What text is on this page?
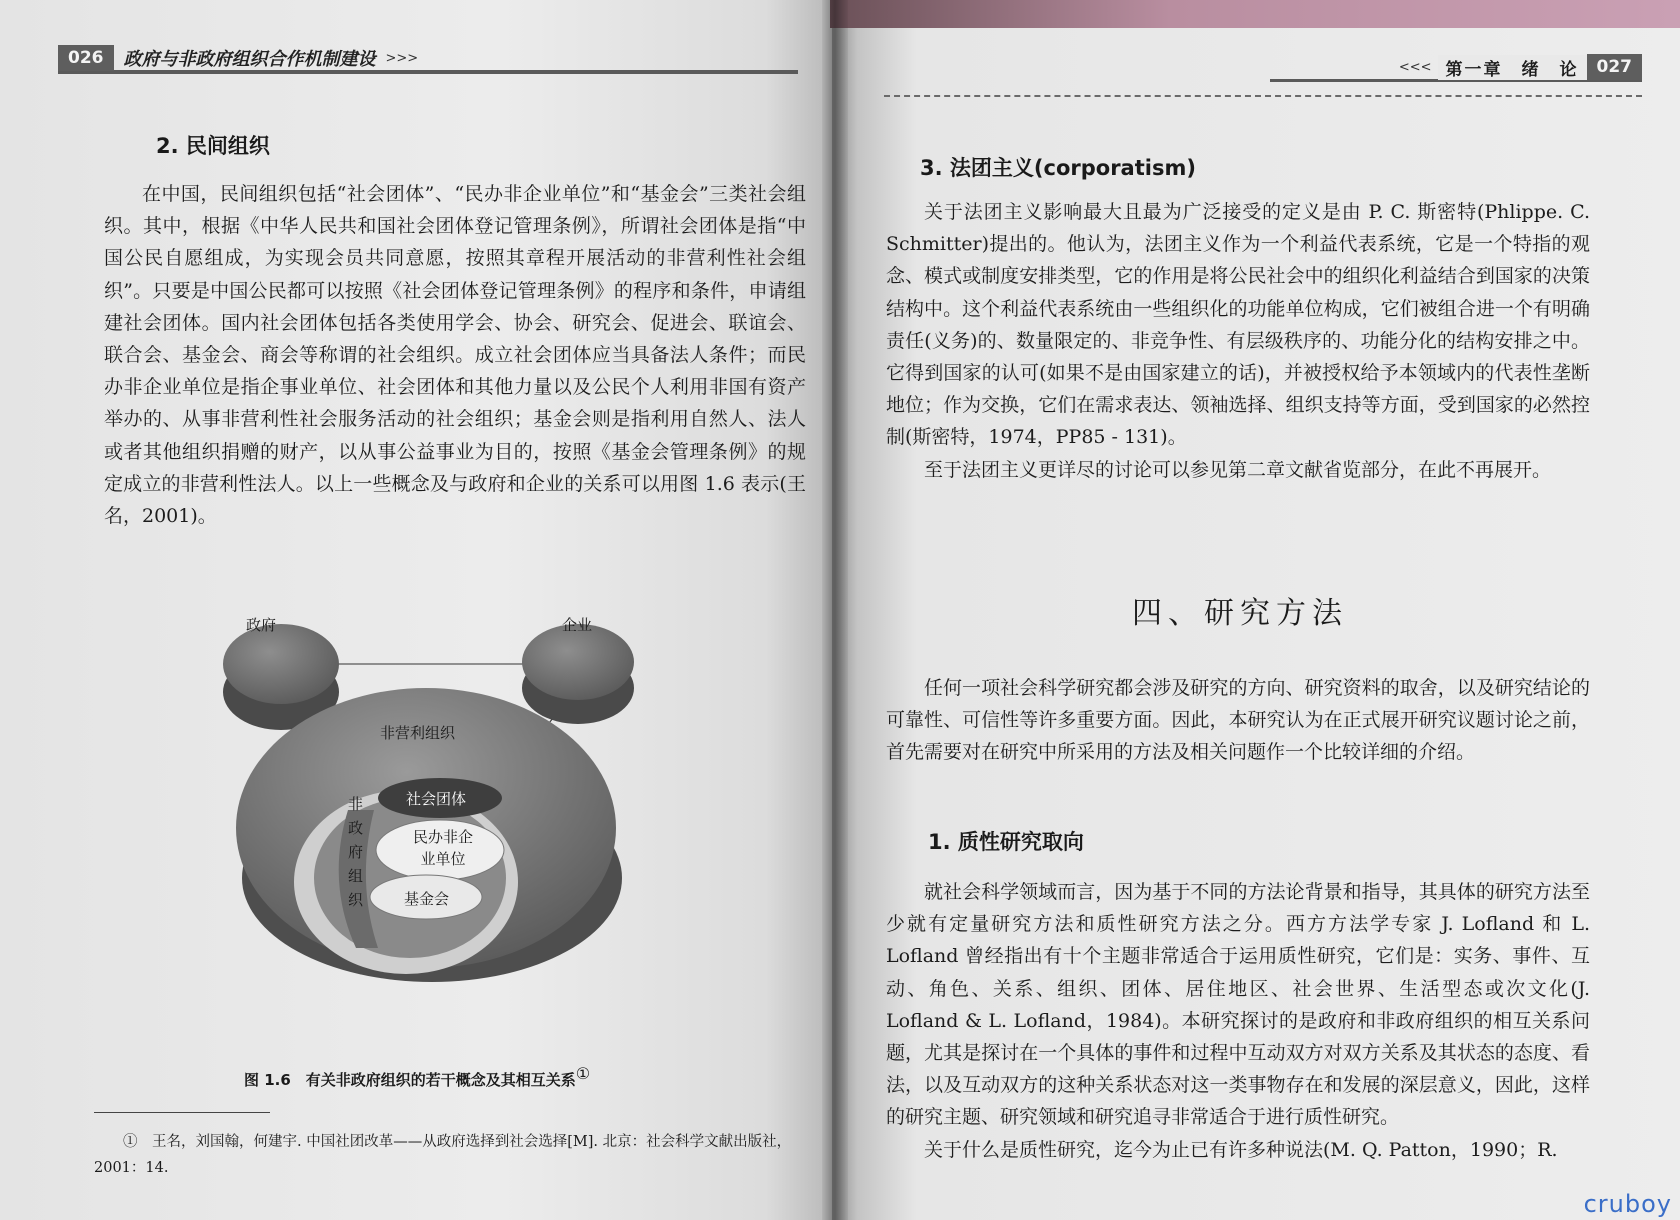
026	政府与非政府组织合作机制建设 >>>
2. 民间组织

在中国，民间组织包括“社会团体”、“民办非企业单位”和“基金会”三类社会组织。其中，根据《中华人民共和国社会团体登记管理条例》，所谓社会团体是指“中国公民自愿组成，为实现会员共同意愿，按照其章程开展活动的非营利性社会组织”。只要是中国公民都可以按照《社会团体登记管理条例》的程序和条件，申请组建社会团体。国内社会团体包括各类使用学会、协会、研究会、促进会、联谊会、联合会、基金会、商会等称谓的社会组织。成立社会团体应当具备法人条件；而民办非企业单位是指企事业单位、社会团体和其他力量以及公民个人利用非国有资产举办的、从事非营利性社会服务活动的社会组织；基金会则是指利用自然人、法人或者其他组织捐赠的财产，以从事公益事业为目的，按照《基金会管理条例》的规定成立的非营利性法人。以上一些概念及与政府和企业的关系可以用图 1.6 表示(王名，2001)。

政府	企业
非营利组织
非政府组织
社会团体
民办非企业单位
基金会
图 1.6　有关非政府组织的若干概念及其相互关系①
①　王名，刘国翰，何建宇. 中国社团改革——从政府选择到社会选择[M]. 北京：社会科学文献出版社，2001：14.
<<< 第一章　绪　论	027
3. 法团主义(corporatism)

关于法团主义影响最大且最为广泛接受的定义是由 P. C. 斯密特(Phlippe. C. Schmitter)提出的。他认为，法团主义作为一个利益代表系统，它是一个特指的观念、模式或制度安排类型，它的作用是将公民社会中的组织化利益结合到国家的决策结构中。这个利益代表系统由一些组织化的功能单位构成，它们被组合进一个有明确责任(义务)的、数量限定的、非竞争性、有层级秩序的、功能分化的结构安排之中。它得到国家的认可(如果不是由国家建立的话)，并被授权给予本领域内的代表性垄断地位；作为交换，它们在需求表达、领袖选择、组织支持等方面，受到国家的必然控制(斯密特，1974，PP85 - 131)。

至于法团主义更详尽的讨论可以参见第二章文献省览部分，在此不再展开。

四、研究方法

任何一项社会科学研究都会涉及研究的方向、研究资料的取舍，以及研究结论的可靠性、可信性等许多重要方面。因此，本研究认为在正式展开研究议题讨论之前，首先需要对在研究中所采用的方法及相关问题作一个比较详细的介绍。

1. 质性研究取向

就社会科学领域而言，因为基于不同的方法论背景和指导，其具体的研究方法至少就有定量研究方法和质性研究方法之分。西方方法学专家 J. Lofland 和 L. Lofland 曾经指出有十个主题非常适合于运用质性研究，它们是：实务、事件、互动、角色、关系、组织、团体、居住地区、社会世界、生活型态或次文化(J. Lofland & L. Lofland，1984)。本研究探讨的是政府和非政府组织的相互关系问题，尤其是探讨在一个具体的事件和过程中互动双方对双方关系及其状态的态度、看法，以及互动双方的这种关系状态对这一类事物存在和发展的深层意义，因此，这样的研究主题、研究领域和研究追寻非常适合于进行质性研究。

关于什么是质性研究，迄今为止已有许多种说法(M. Q. Patton，1990；R.

cruboy
